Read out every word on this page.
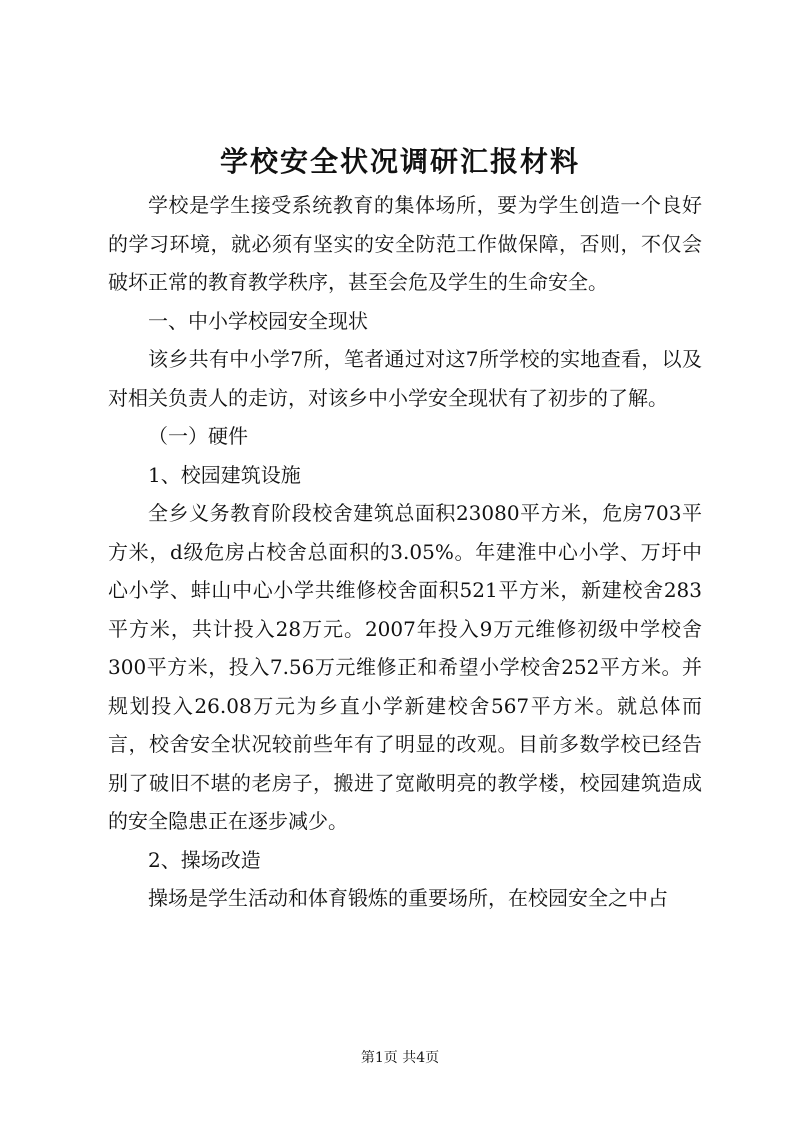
学校安全状况调研汇报材料

学校是学生接受系统教育的集体场所，要为学生创造一个良好的学习环境，就必须有坚实的安全防范工作做保障，否则，不仅会破坏正常的教育教学秩序，甚至会危及学生的生命安全。

一、中小学校园安全现状

该乡共有中小学7所，笔者通过对这7所学校的实地查看，以及对相关负责人的走访，对该乡中小学安全现状有了初步的了解。

（一）硬件

1、校园建筑设施

全乡义务教育阶段校舍建筑总面积23080平方米，危房703平方米，d级危房占校舍总面积的3.05%。年建淮中心小学、万圩中心小学、蚌山中心小学共维修校舍面积521平方米，新建校舍283平方米，共计投入28万元。2007年投入9万元维修初级中学校舍300平方米，投入7.56万元维修正和希望小学校舍252平方米。并规划投入26.08万元为乡直小学新建校舍567平方米。就总体而言，校舍安全状况较前些年有了明显的改观。目前多数学校已经告别了破旧不堪的老房子，搬进了宽敞明亮的教学楼，校园建筑造成的安全隐患正在逐步减少。

2、操场改造

操场是学生活动和体育锻炼的重要场所，在校园安全之中占

第1页 共4页
